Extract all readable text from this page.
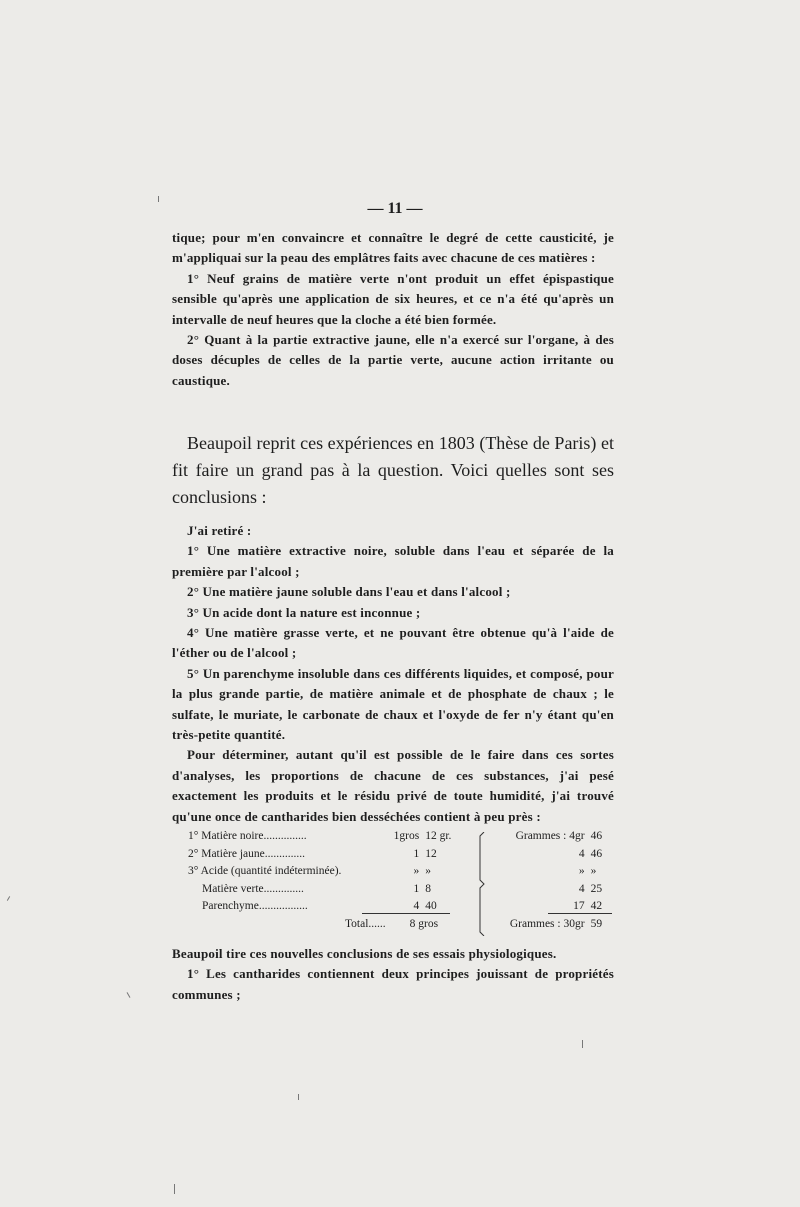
— 11 —

tique; pour m'en convaincre et connaître le degré de cette causticité, je m'appliquai sur la peau des emplâtres faits avec chacune de ces matières :

1° Neuf grains de matière verte n'ont produit un effet épispastique sensible qu'après une application de six heures, et ce n'a été qu'après un intervalle de neuf heures que la cloche a été bien formée.

2° Quant à la partie extractive jaune, elle n'a exercé sur l'organe, à des doses décuples de celles de la partie verte, aucune action irritante ou caustique.

Beaupoil reprit ces expériences en 1803 (Thèse de Paris) et fit faire un grand pas à la question. Voici quelles sont ses conclusions :

J'ai retiré :

1° Une matière extractive noire, soluble dans l'eau et séparée de la première par l'alcool ;

2° Une matière jaune soluble dans l'eau et dans l'alcool ;

3° Un acide dont la nature est inconnue ;

4° Une matière grasse verte, et ne pouvant être obtenue qu'à l'aide de l'éther ou de l'alcool ;

5° Un parenchyme insoluble dans ces différents liquides, et composé, pour la plus grande partie, de matière animale et de phosphate de chaux ; le sulfate, le muriate, le carbonate de chaux et l'oxyde de fer n'y étant qu'en très-petite quantité.

Pour déterminer, autant qu'il est possible de le faire dans ces sortes d'analyses, les proportions de chacune de ces substances, j'ai pesé exactement les produits et le résidu privé de toute humidité, j'ai trouvé qu'une once de cantharides bien desséchées contient à peu près :

1° Matière noire...............	1gros	12 gr.		Grammes : 4gr	46
2° Matière jaune..............	1	12		4	46
3° Acide (quantité indéterminée).	»	»		»	»
Matière verte..............	1	8		4	25
Parenchyme.................	4	40		17	42
Total......	8 gros			Grammes : 30gr	59

Beaupoil tire ces nouvelles conclusions de ses essais physiologiques.

1° Les cantharides contiennent deux principes jouissant de propriétés communes ;
